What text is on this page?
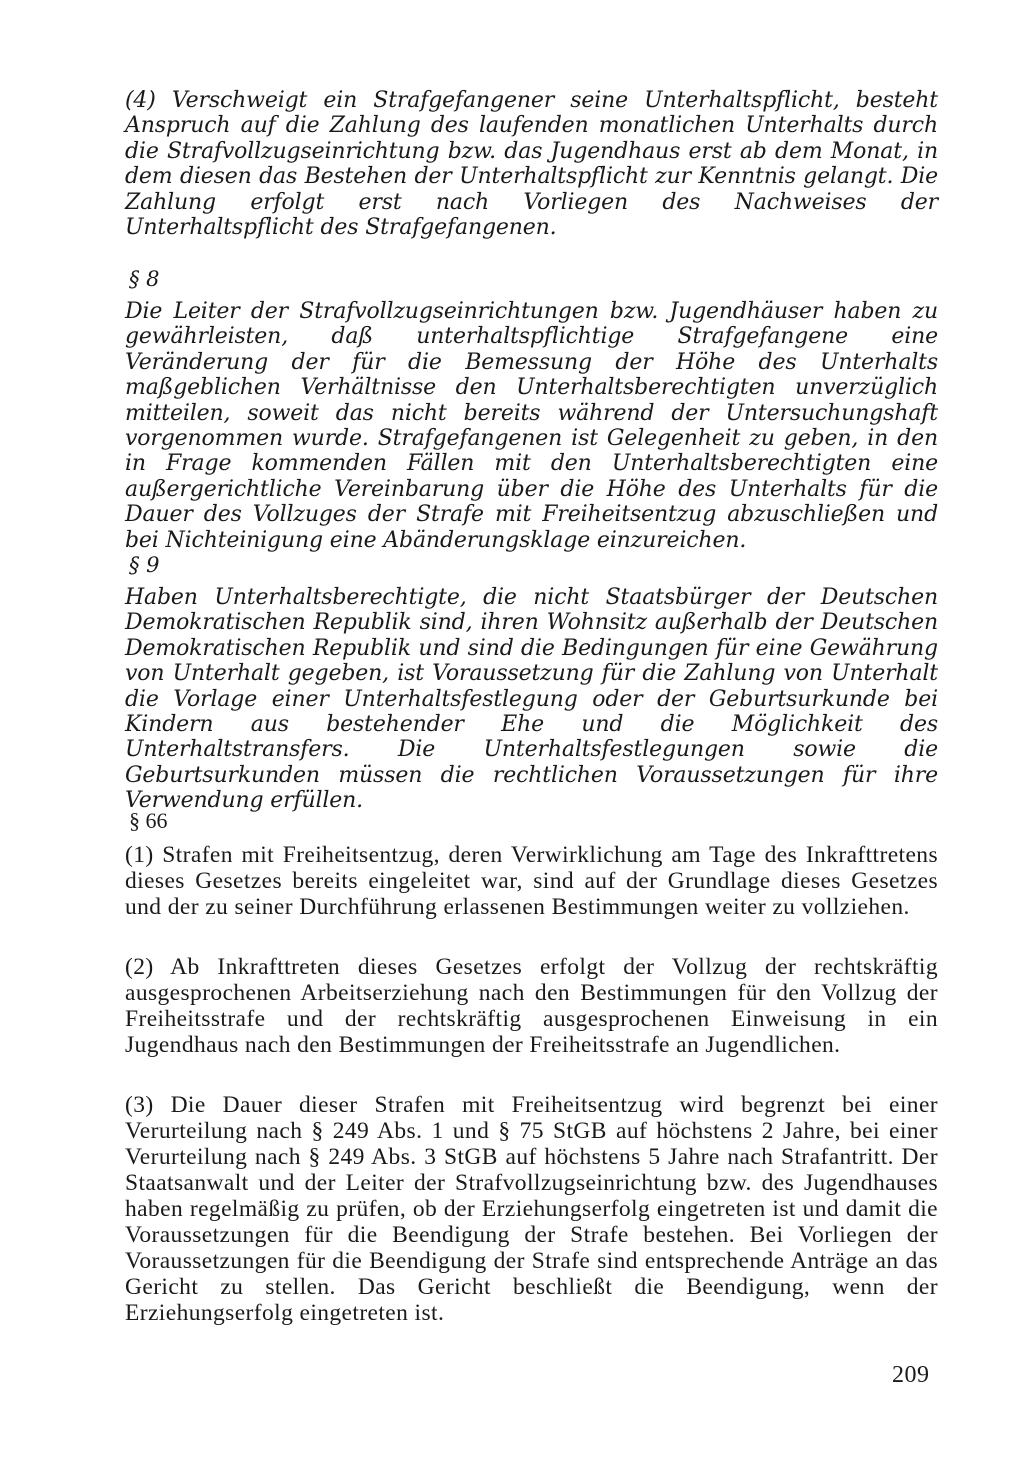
(4) Verschweigt ein Strafgefangener seine Unterhaltspflicht, besteht Anspruch auf die Zahlung des laufenden monatlichen Unterhalts durch die Strafvollzugseinrichtung bzw. das Jugendhaus erst ab dem Monat, in dem diesen das Bestehen der Unterhaltspflicht zur Kenntnis gelangt. Die Zahlung erfolgt erst nach Vorliegen des Nachweises der Unterhaltspflicht des Strafgefangenen.

§ 8

Die Leiter der Strafvollzugseinrichtungen bzw. Jugendhäuser haben zu gewährleisten, daß unterhaltspflichtige Strafgefangene eine Veränderung der für die Bemessung der Höhe des Unterhalts maßgeblichen Verhältnisse den Unterhaltsberechtigten unverzüglich mitteilen, soweit das nicht bereits während der Untersuchungshaft vorgenommen wurde. Strafgefangenen ist Gelegenheit zu geben, in den in Frage kommenden Fällen mit den Unterhaltsberechtigten eine außergerichtliche Vereinbarung über die Höhe des Unterhalts für die Dauer des Vollzuges der Strafe mit Freiheitsentzug abzuschließen und bei Nichteinigung eine Abänderungsklage einzureichen.

§ 9

Haben Unterhaltsberechtigte, die nicht Staatsbürger der Deutschen Demokratischen Republik sind, ihren Wohnsitz außerhalb der Deutschen Demokratischen Republik und sind die Bedingungen für eine Gewährung von Unterhalt gegeben, ist Voraussetzung für die Zahlung von Unterhalt die Vorlage einer Unterhaltsfestlegung oder der Geburtsurkunde bei Kindern aus bestehender Ehe und die Möglichkeit des Unterhaltstransfers. Die Unterhaltsfestlegungen sowie die Geburtsurkunden müssen die rechtlichen Voraussetzungen für ihre Verwendung erfüllen.

§ 66

(1) Strafen mit Freiheitsentzug, deren Verwirklichung am Tage des Inkrafttretens dieses Gesetzes bereits eingeleitet war, sind auf der Grundlage dieses Gesetzes und der zu seiner Durchführung erlassenen Bestimmungen weiter zu vollziehen.

(2) Ab Inkrafttreten dieses Gesetzes erfolgt der Vollzug der rechtskräftig ausgesprochenen Arbeitserziehung nach den Bestimmungen für den Vollzug der Freiheitsstrafe und der rechtskräftig ausgesprochenen Einweisung in ein Jugendhaus nach den Bestimmungen der Freiheitsstrafe an Jugendlichen.

(3) Die Dauer dieser Strafen mit Freiheitsentzug wird begrenzt bei einer Verurteilung nach § 249 Abs. 1 und § 75 StGB auf höchstens 2 Jahre, bei einer Verurteilung nach § 249 Abs. 3 StGB auf höchstens 5 Jahre nach Strafantritt. Der Staatsanwalt und der Leiter der Strafvollzugseinrichtung bzw. des Jugendhauses haben regelmäßig zu prüfen, ob der Erziehungserfolg eingetreten ist und damit die Voraussetzungen für die Beendigung der Strafe bestehen. Bei Vorliegen der Voraussetzungen für die Beendigung der Strafe sind entsprechende Anträge an das Gericht zu stellen. Das Gericht beschließt die Beendigung, wenn der Erziehungserfolg eingetreten ist.

209
